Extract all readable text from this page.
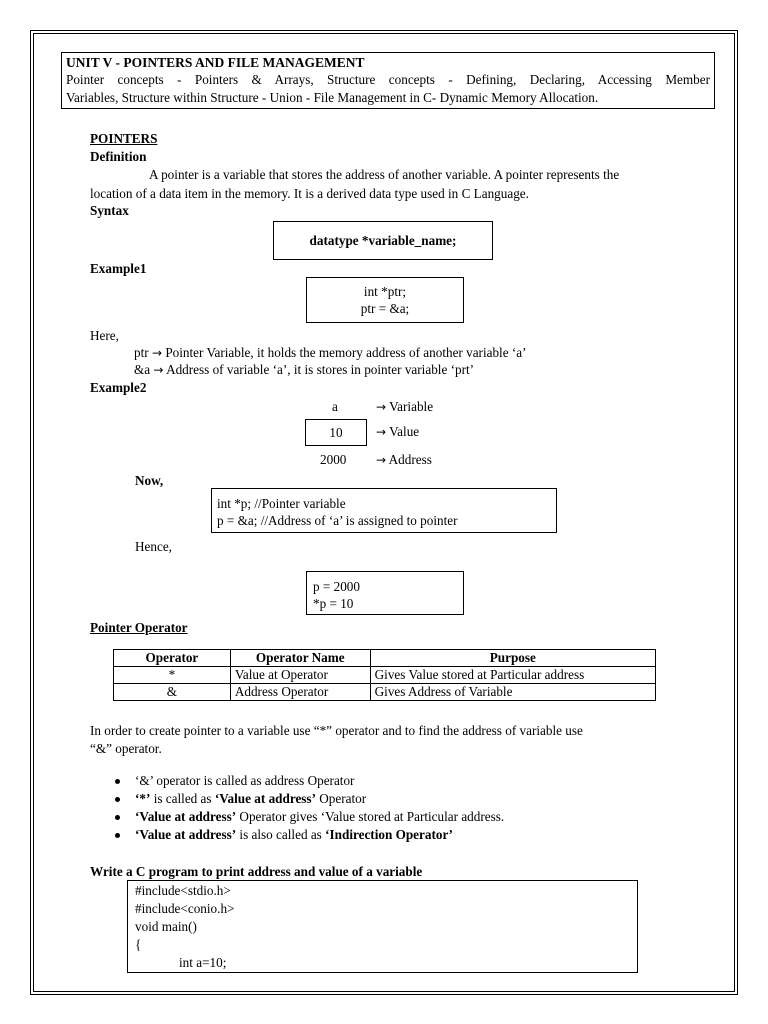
UNIT V - POINTERS AND FILE MANAGEMENT
Pointer concepts - Pointers & Arrays, Structure concepts - Defining, Declaring, Accessing Member
Variables, Structure within Structure - Union - File Management in C- Dynamic Memory Allocation.
POINTERS
Definition
A pointer is a variable that stores the address of another variable. A pointer represents the
location of a data item in the memory. It is a derived data type used in C Language.
Syntax
datatype *variable_name;
Example1
int *ptr;
ptr = &a;
Here,
ptr → Pointer Variable, it holds the memory address of another variable ‘a’
&a → Address of variable ‘a’, it is stores in pointer variable ‘prt’
Example2
a	→ Variable
10	→ Value
2000 → Address
Now,
int *p; //Pointer variable
p = &a; //Address of ‘a’ is assigned to pointer
Hence,
p = 2000
*p = 10
Pointer Operator
Operator	Operator Name	Purpose
*	Value at Operator	Gives Value stored at Particular address
&	Address Operator	Gives Address of Variable
In order to create pointer to a variable use “*” operator and to find the address of variable use
“&” operator.
‘&’ operator is called as address Operator
‘*’ is called as ‘Value at address’ Operator
‘Value at address’ Operator gives ‘Value stored at Particular address.
‘Value at address’ is also called as ‘Indirection Operator’
Write a C program to print address and value of a variable
#include<stdio.h>
#include<conio.h>
void main()
{
int a=10;
